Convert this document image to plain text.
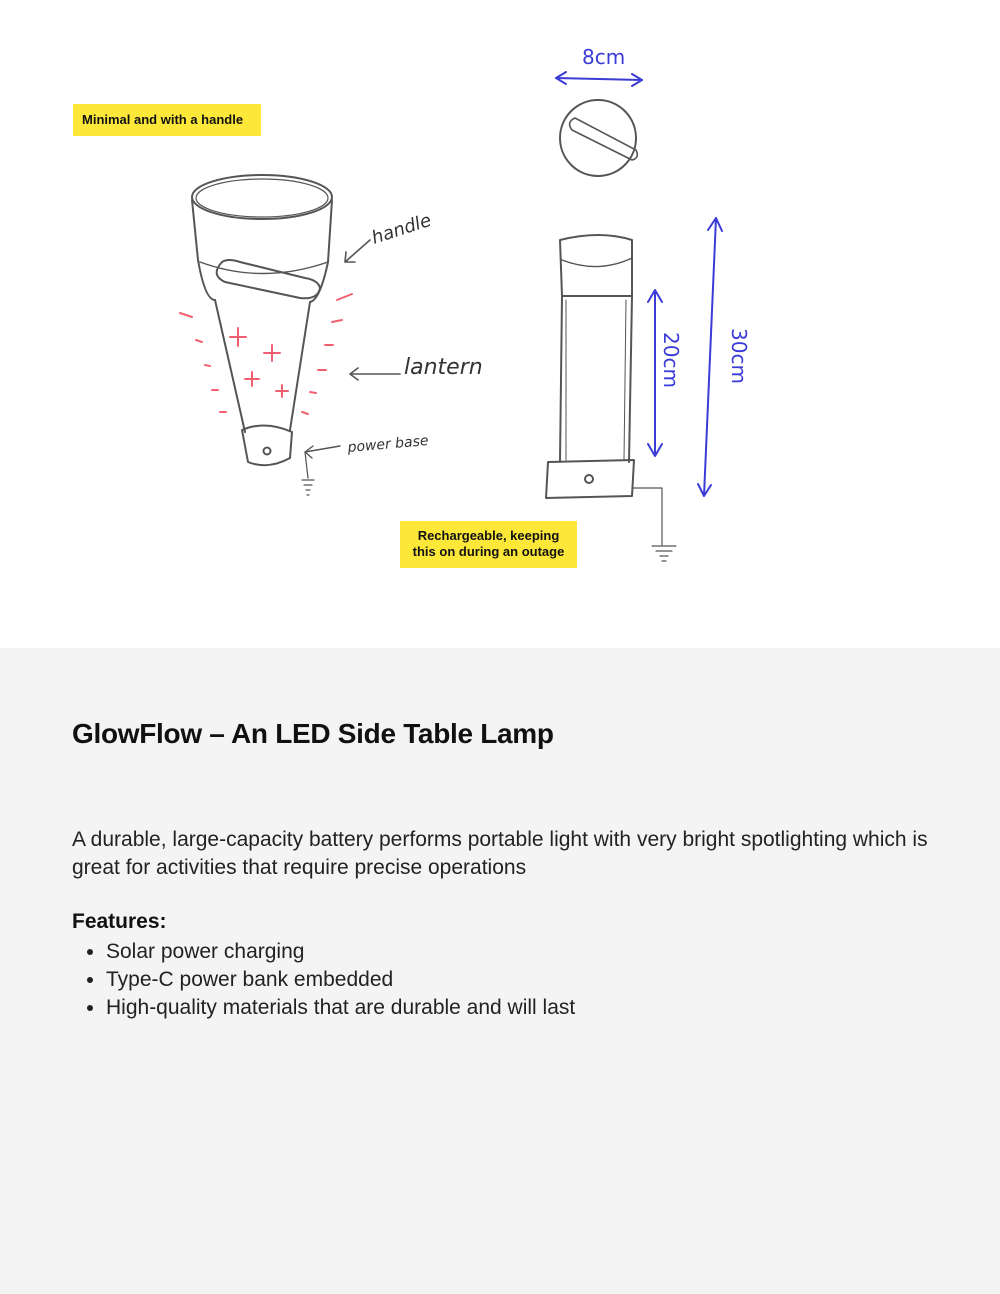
handle
lantern
power base
8cm
20cm 30cm
Minimal and with a handle
Rechargeable, keeping this on during an outage
GlowFlow – An LED Side Table Lamp

A durable, large-capacity battery performs portable light with very bright spotlighting which is great for activities that require precise operations

Features:
• Solar power charging
• Type-C power bank embedded
• High-quality materials that are durable and will last
